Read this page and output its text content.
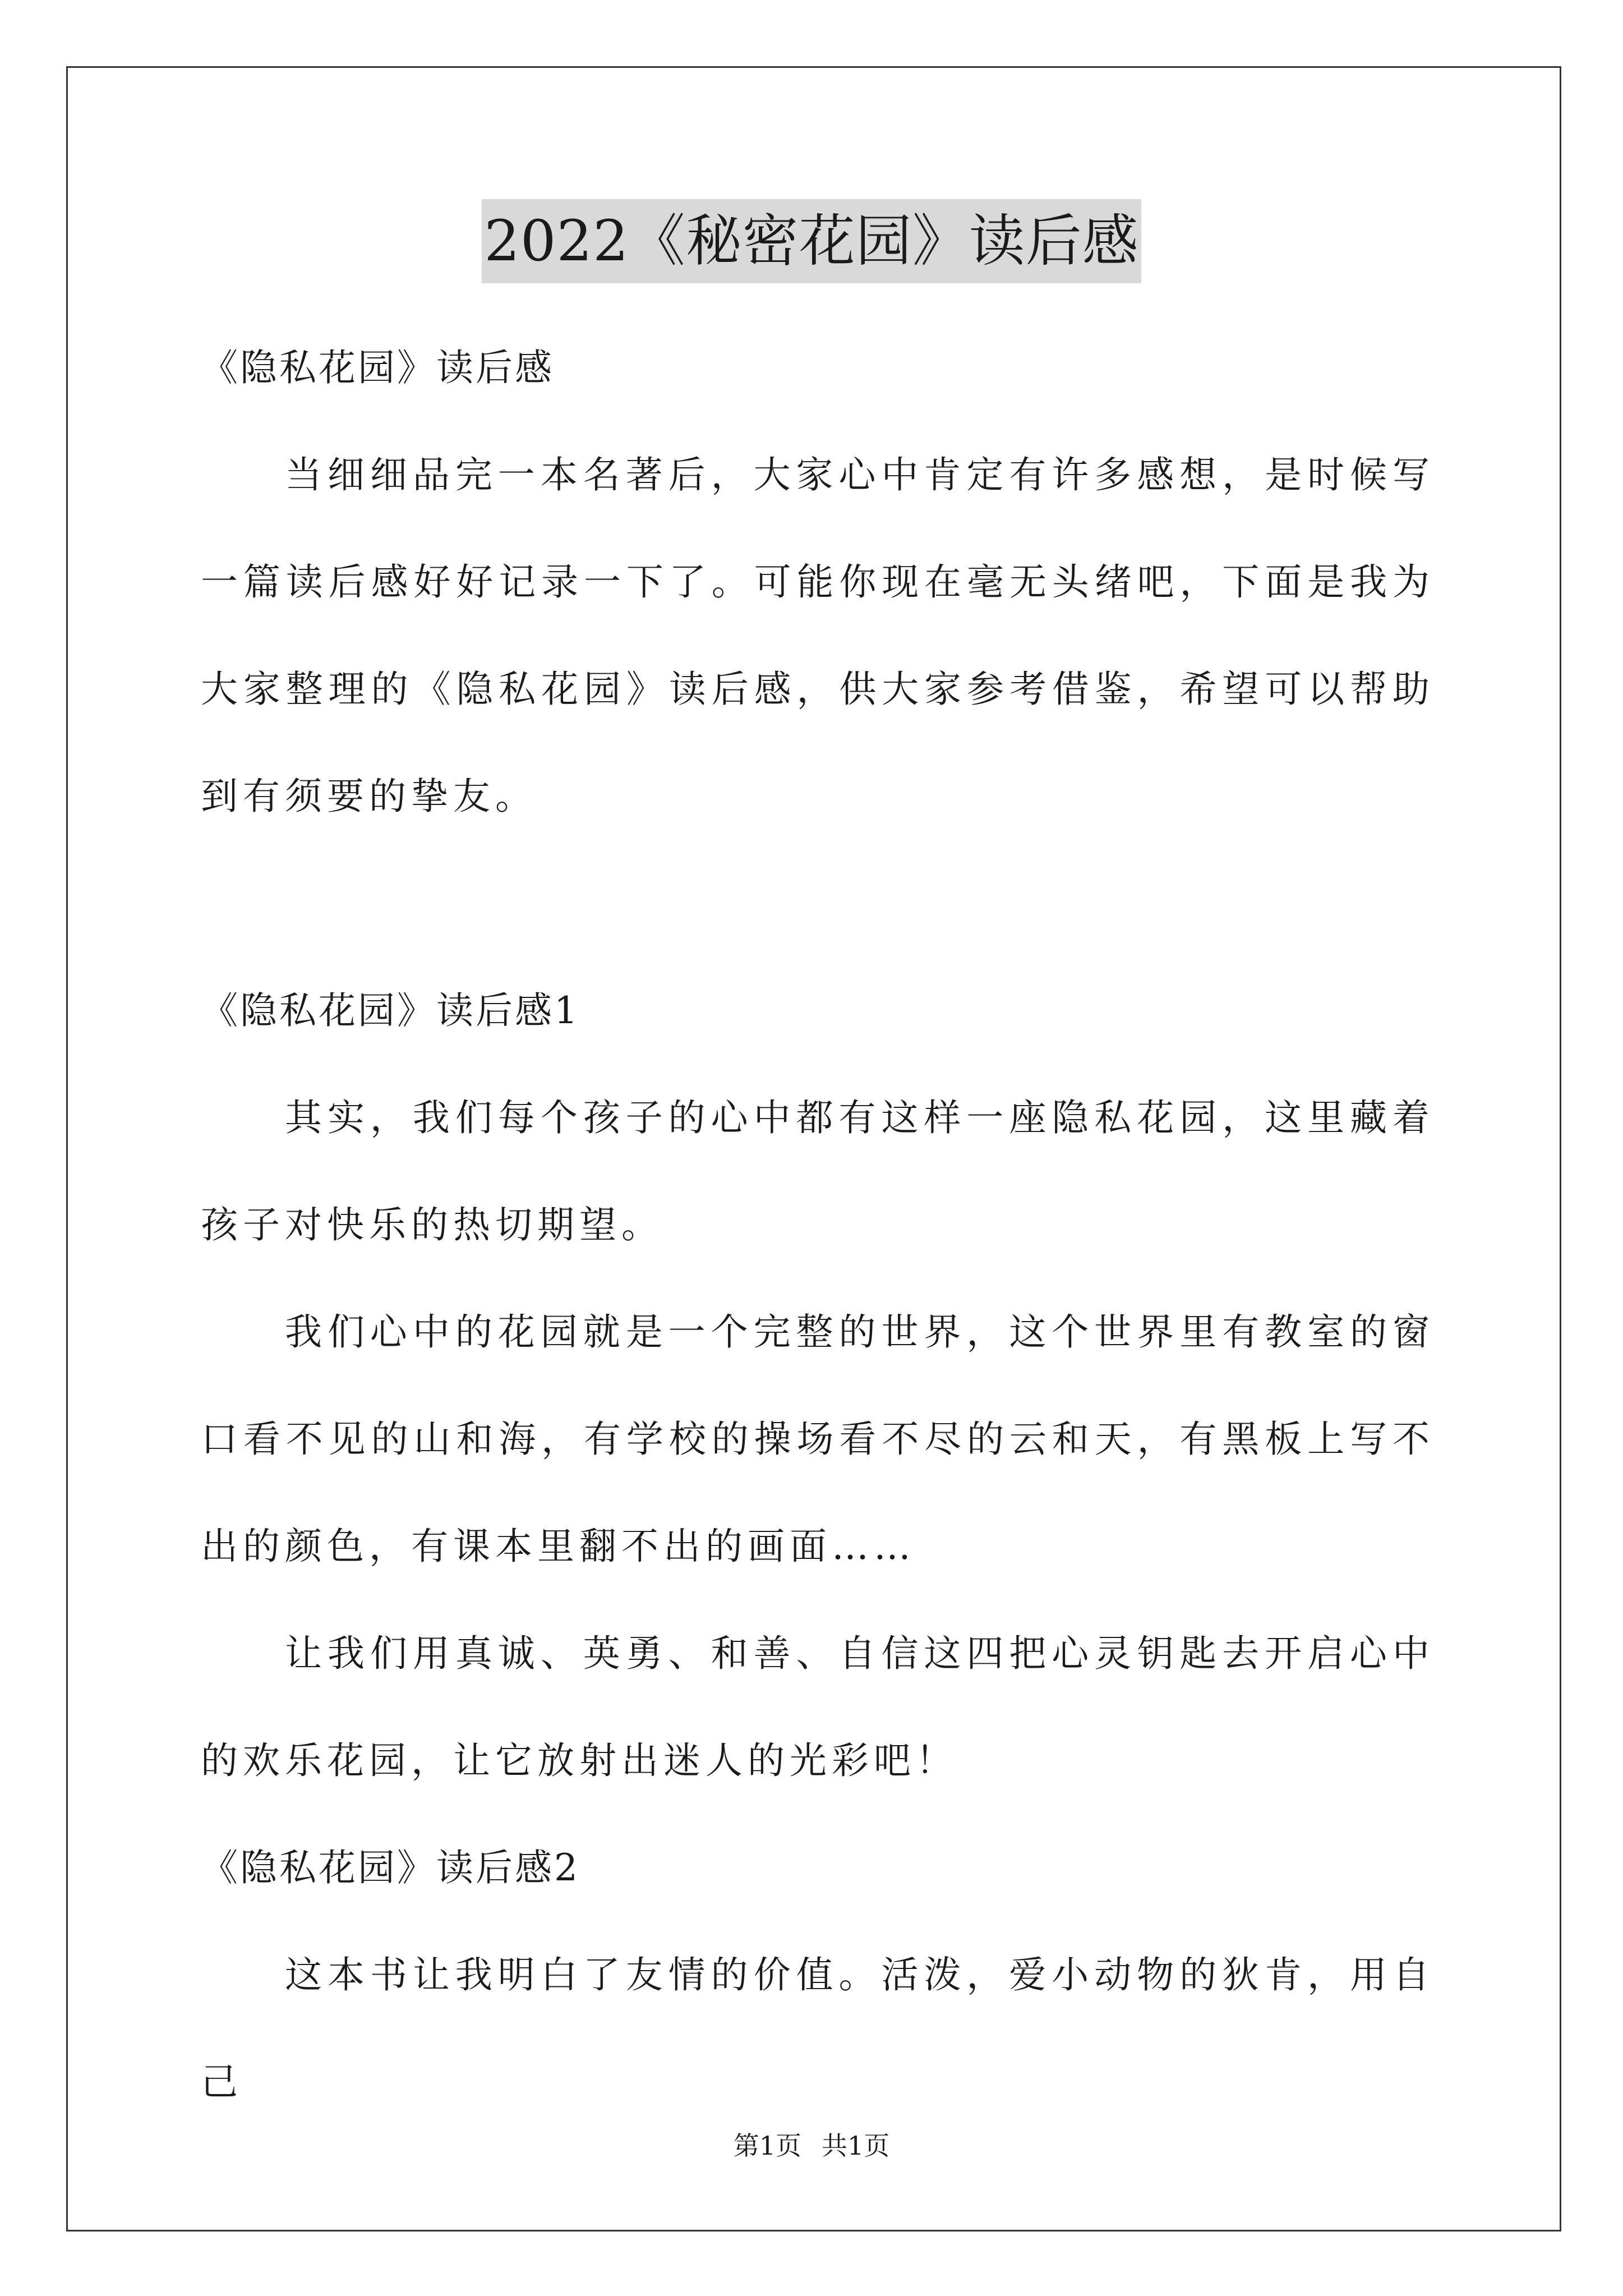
2022《秘密花园》读后感

《隐私花园》读后感

当细细品完一本名著后，大家心中肯定有许多感想，是时候写一篇读后感好好记录一下了。可能你现在毫无头绪吧，下面是我为大家整理的《隐私花园》读后感，供大家参考借鉴，希望可以帮助到有须要的挚友。

《隐私花园》读后感1

其实，我们每个孩子的心中都有这样一座隐私花园，这里藏着孩子对快乐的热切期望。

我们心中的花园就是一个完整的世界，这个世界里有教室的窗口看不见的山和海，有学校的操场看不尽的云和天，有黑板上写不出的颜色，有课本里翻不出的画面……

让我们用真诚、英勇、和善、自信这四把心灵钥匙去开启心中的欢乐花园，让它放射出迷人的光彩吧！

《隐私花园》读后感2

这本书让我明白了友情的价值。活泼，爱小动物的狄肯，用自己

第1页 共1页
